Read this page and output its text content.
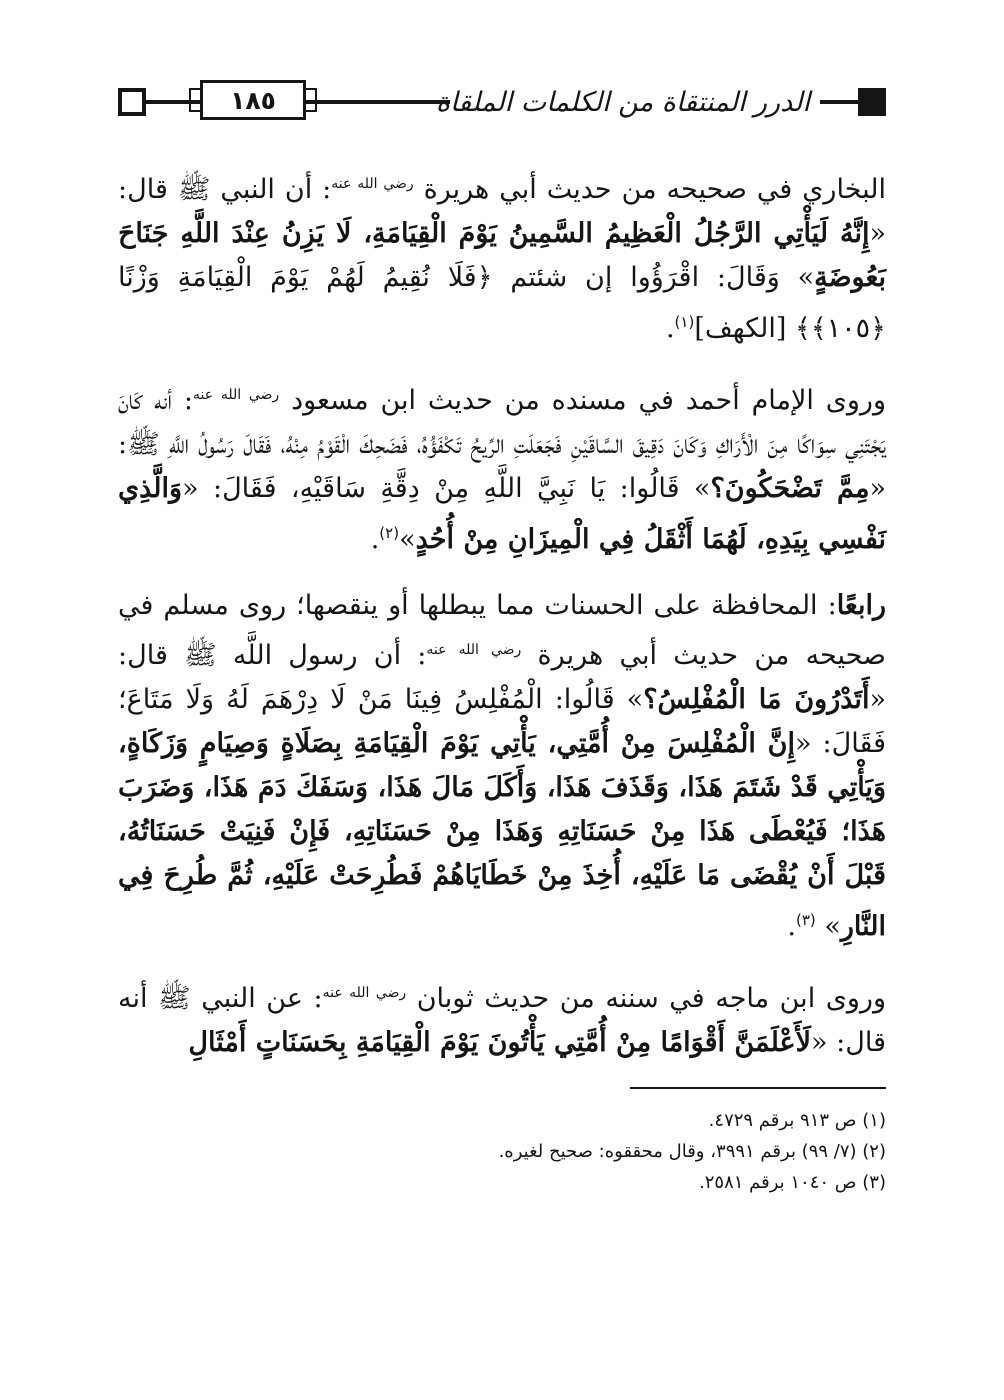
١٨٥	الدرر المنتقاة من الكلمات الملقاة

البخاري في صحيحه من حديث أبي هريرة $^{رضي الله عنه}$: أن النبي ﷺ قال: «إِنَّهُ لَيَأْتِي الرَّجُلُ الْعَظِيمُ السَّمِينُ يَوْمَ الْقِيَامَةِ، لَا يَزِنُ عِنْدَ اللَّهِ جَنَاحَ بَعُوضَةٍ» وَقَالَ: اقْرَؤُوا إن شئتم ﴿فَلَا نُقِيمُ لَهُمْ يَوْمَ الْقِيَامَةِ وَزْنًا ﴿١٠٥﴾﴾ [الكهف]$^{(١)}$.

وروى الإمام أحمد في مسنده من حديث ابن مسعود $^{رضي الله عنه}$: أنه كَانَ يَجْتَنِي سِوَاكًا مِنَ الْأَرَاكِ وَكَانَ دَقِيقَ السَّاقَيْنِ فَجَعَلَتِ الرِّيحُ تَكْفَؤُهُ، فَضَحِكَ الْقَوْمُ مِنْهُ، فَقَالَ رَسُولُ اللَّهِ ﷺ: «مِمَّ تَضْحَكُونَ؟» قَالُوا: يَا نَبِيَّ اللَّهِ مِنْ دِقَّةِ سَاقَيْهِ، فَقَالَ: «وَالَّذِي نَفْسِي بِيَدِهِ، لَهُمَا أَثْقَلُ فِي الْمِيزَانِ مِنْ أُحُدٍ»$^{(٢)}$.

رابعًا: المحافظة على الحسنات مما يبطلها أو ينقصها؛ روى مسلم في صحيحه من حديث أبي هريرة $^{رضي الله عنه}$: أن رسول اللَّه ﷺ قال: «أَتَدْرُونَ مَا الْمُفْلِسُ؟» قَالُوا: الْمُفْلِسُ فِينَا مَنْ لَا دِرْهَمَ لَهُ وَلَا مَتَاعَ؛ فَقَالَ: «إِنَّ الْمُفْلِسَ مِنْ أُمَّتِي، يَأْتِي يَوْمَ الْقِيَامَةِ بِصَلَاةٍ وَصِيَامٍ وَزَكَاةٍ، وَيَأْتِي قَدْ شَتَمَ هَذَا، وَقَذَفَ هَذَا، وَأَكَلَ مَالَ هَذَا، وَسَفَكَ دَمَ هَذَا، وَضَرَبَ هَذَا؛ فَيُعْطَى هَذَا مِنْ حَسَنَاتِهِ وَهَذَا مِنْ حَسَنَاتِهِ، فَإِنْ فَنِيَتْ حَسَنَاتُهُ، قَبْلَ أَنْ يُقْضَى مَا عَلَيْهِ، أُخِذَ مِنْ خَطَايَاهُمْ فَطُرِحَتْ عَلَيْهِ، ثُمَّ طُرِحَ فِي النَّارِ» $^{(٣)}$.

وروى ابن ماجه في سننه من حديث ثوبان $^{رضي الله عنه}$: عن النبي ﷺ أنه قال: «لَأَعْلَمَنَّ أَقْوَامًا مِنْ أُمَّتِي يَأْتُونَ يَوْمَ الْقِيَامَةِ بِحَسَنَاتٍ أَمْثَالِ

(١) ص ٩١٣ برقم ٤٧٢٩.
(٢) (٧/ ٩٩) برقم ٣٩٩١، وقال محققوه: صحيح لغيره.
(٣) ص ١٠٤٠ برقم ٢٥٨١.
